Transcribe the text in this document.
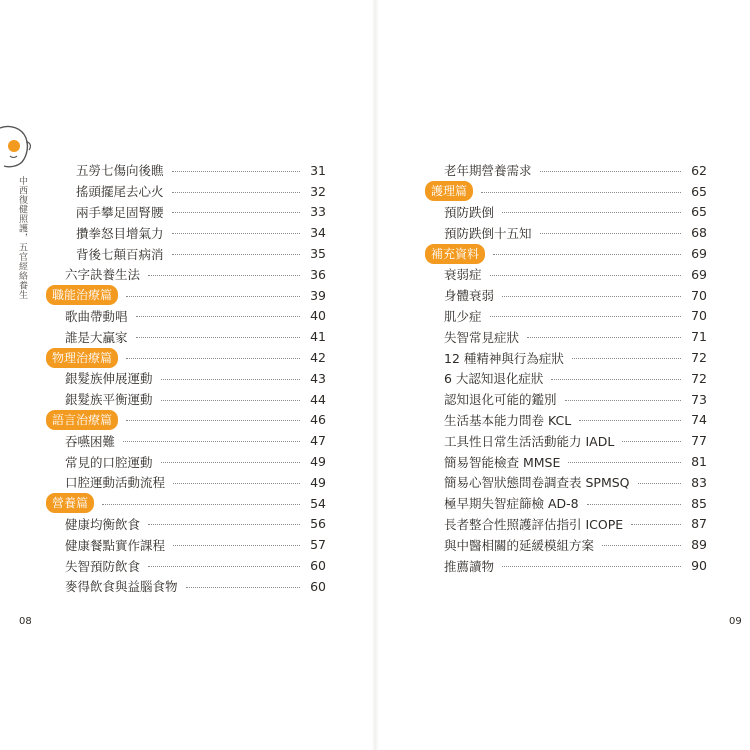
中西復健照護，五官經絡養生
五勞七傷向後瞧	31
搖頭擺尾去心火	32
兩手攀足固腎腰	33
攢拳怒目增氣力	34
背後七顛百病消	35
六字訣養生法	36
職能治療篇	39
歌曲帶動唱	40
誰是大贏家	41
物理治療篇	42
銀髮族伸展運動	43
銀髮族平衡運動	44
語言治療篇	46
吞嚥困難	47
常見的口腔運動	49
口腔運動活動流程	49
營養篇	54
健康均衡飲食	56
健康餐點實作課程	57
失智預防飲食	60
麥得飲食與益腦食物	60
老年期營養需求	62
護理篇	65
預防跌倒	65
預防跌倒十五知	68
補充資料	69
衰弱症	69
身體衰弱	70
肌少症	70
失智常見症狀	71
12 種精神與行為症狀	72
6 大認知退化症狀	72
認知退化可能的鑑別	73
生活基本能力問卷 KCL	74
工具性日常生活活動能力 IADL	77
簡易智能檢查 MMSE	81
簡易心智狀態問卷調查表 SPMSQ	83
極早期失智症篩檢 AD-8	85
長者整合性照護評估指引 ICOPE	87
與中醫相關的延緩模組方案	89
推薦讀物	90
08	09
